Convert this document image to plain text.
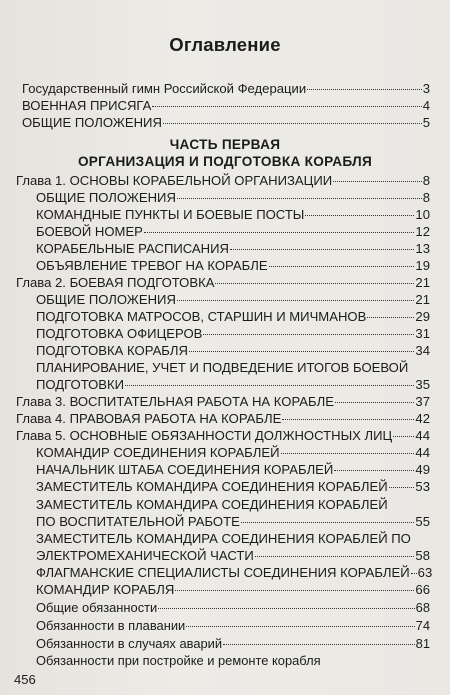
Оглавление
Государственный гимн Российской Федерации	3
ВОЕННАЯ ПРИСЯГА	4
ОБЩИЕ ПОЛОЖЕНИЯ	5
ЧАСТЬ ПЕРВАЯ
ОРГАНИЗАЦИЯ И ПОДГОТОВКА КОРАБЛЯ
Глава 1. ОСНОВЫ КОРАБЕЛЬНОЙ ОРГАНИЗАЦИИ	8
ОБЩИЕ ПОЛОЖЕНИЯ	8
КОМАНДНЫЕ ПУНКТЫ И БОЕВЫЕ ПОСТЫ	10
БОЕВОЙ НОМЕР	12
КОРАБЕЛЬНЫЕ РАСПИСАНИЯ	13
ОБЪЯВЛЕНИЕ ТРЕВОГ НА КОРАБЛЕ	19
Глава 2. БОЕВАЯ ПОДГОТОВКА	21
ОБЩИЕ ПОЛОЖЕНИЯ	21
ПОДГОТОВКА МАТРОСОВ, СТАРШИН И МИЧМАНОВ	29
ПОДГОТОВКА ОФИЦЕРОВ	31
ПОДГОТОВКА КОРАБЛЯ	34
ПЛАНИРОВАНИЕ, УЧЕТ И ПОДВЕДЕНИЕ ИТОГОВ БОЕВОЙ
ПОДГОТОВКИ	35
Глава 3. ВОСПИТАТЕЛЬНАЯ РАБОТА НА КОРАБЛЕ	37
Глава 4. ПРАВОВАЯ РАБОТА НА КОРАБЛЕ	42
Глава 5. ОСНОВНЫЕ ОБЯЗАННОСТИ ДОЛЖНОСТНЫХ ЛИЦ 44
КОМАНДИР СОЕДИНЕНИЯ КОРАБЛЕЙ	44
НАЧАЛЬНИК ШТАБА СОЕДИНЕНИЯ КОРАБЛЕЙ	49
ЗАМЕСТИТЕЛЬ КОМАНДИРА СОЕДИНЕНИЯ КОРАБЛЕЙ 53
ЗАМЕСТИТЕЛЬ КОМАНДИРА СОЕДИНЕНИЯ КОРАБЛЕЙ
ПО ВОСПИТАТЕЛЬНОЙ РАБОТЕ	55
ЗАМЕСТИТЕЛЬ КОМАНДИРА СОЕДИНЕНИЯ КОРАБЛЕЙ ПО
ЭЛЕКТРОМЕХАНИЧЕСКОЙ ЧАСТИ	58
ФЛАГМАНСКИЕ СПЕЦИАЛИСТЫ СОЕДИНЕНИЯ КОРАБЛЕЙ 63
КОМАНДИР КОРАБЛЯ	66
Общие обязанности	68
Обязанности в плавании	74
Обязанности в случаях аварий	81
Обязанности при постройке и ремонте корабля
456
